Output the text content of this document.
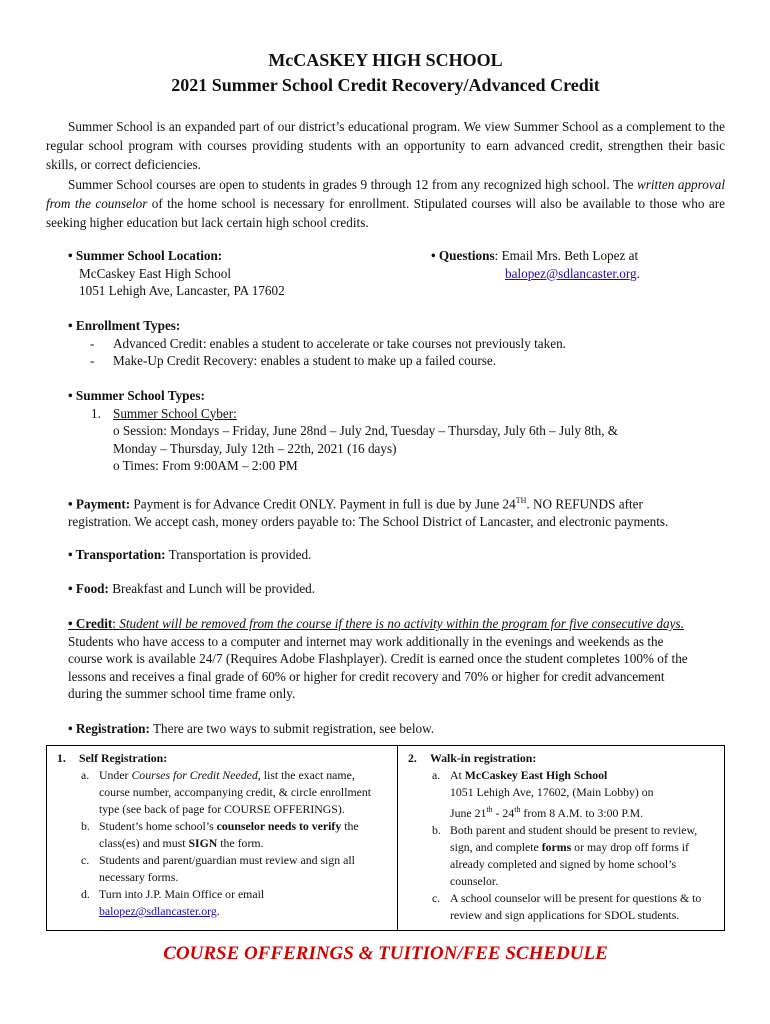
McCASKEY HIGH SCHOOL
2021 Summer School Credit Recovery/Advanced Credit
Summer School is an expanded part of our district’s educational program. We view Summer School as a complement to the regular school program with courses providing students with an opportunity to earn advanced credit, strengthen their basic skills, or correct deficiencies.
Summer School courses are open to students in grades 9 through 12 from any recognized high school. The written approval from the counselor of the home school is necessary for enrollment. Stipulated courses will also be available to those who are seeking higher education but lack certain high school credits.
• Summer School Location:
McCaskey East High School
1051 Lehigh Ave, Lancaster, PA 17602
• Questions: Email Mrs. Beth Lopez at
balopez@sdlancaster.org.
• Enrollment Types:
- Advanced Credit: enables a student to accelerate or take courses not previously taken.
- Make-Up Credit Recovery: enables a student to make up a failed course.
• Summer School Types:
1. Summer School Cyber:
o Session: Mondays – Friday, June 28nd – July 2nd, Tuesday – Thursday, July 6th – July 8th, &
Monday – Thursday, July 12th – 22th, 2021 (16 days)
o Times: From 9:00AM – 2:00 PM
• Payment: Payment is for Advance Credit ONLY. Payment in full is due by June 24TH. NO REFUNDS after
registration. We accept cash, money orders payable to: The School District of Lancaster, and electronic payments.
• Transportation: Transportation is provided.
• Food: Breakfast and Lunch will be provided.
• Credit: Student will be removed from the course if there is no activity within the program for five consecutive days.
Students who have access to a computer and internet may work additionally in the evenings and weekends as the
course work is available 24/7 (Requires Adobe Flashplayer). Credit is earned once the student completes 100% of the
lessons and receives a final grade of 60% or higher for credit recovery and 70% or higher for credit advancement
during the summer school time frame only.
• Registration: There are two ways to submit registration, see below.
1. Self Registration:
a. Under Courses for Credit Needed, list the exact name,
course number, accompanying credit, & circle enrollment
type (see back of page for COURSE OFFERINGS).
b. Student’s home school’s counselor needs to verify the
class(es) and must SIGN the form.
c. Students and parent/guardian must review and sign all
necessary forms.
d. Turn into J.P. Main Office or email
balopez@sdlancaster.org.

2. Walk-in registration:
a. At McCaskey East High School
1051 Lehigh Ave, 17602, (Main Lobby) on
June 21th - 24th from 8 A.M. to 3:00 P.M.
b. Both parent and student should be present to review,
sign, and complete forms or may drop off forms if
already completed and signed by home school’s
counselor.
c. A school counselor will be present for questions & to
review and sign applications for SDOL students.
COURSE OFFERINGS & TUITION/FEE SCHEDULE
